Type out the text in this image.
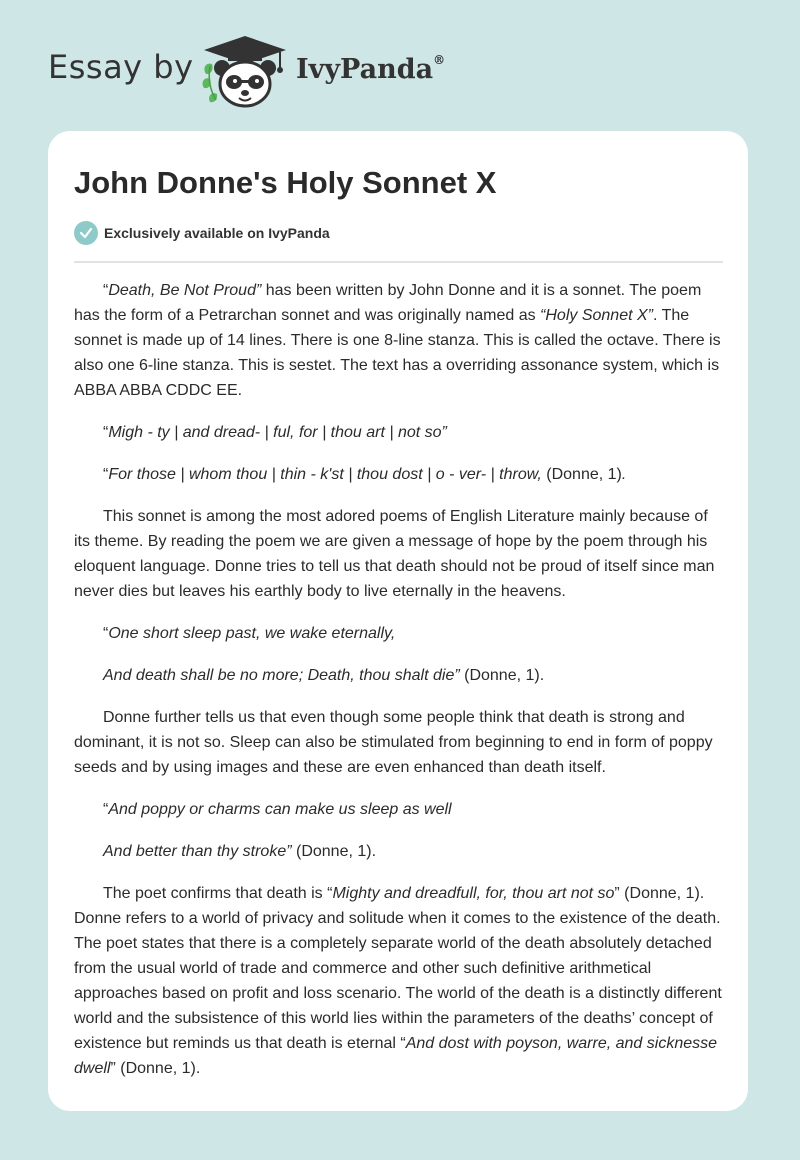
Essay by	IvyPanda®
John Donne's Holy Sonnet X
Exclusively available on IvyPanda

“Death, Be Not Proud” has been written by John Donne and it is a sonnet. The poem has the form of a Petrarchan sonnet and was originally named as “Holy Sonnet X”. The sonnet is made up of 14 lines. There is one 8-line stanza. This is called the octave. There is also one 6-line stanza. This is sestet. The text has a overriding assonance system, which is ABBA ABBA CDDC EE.

“Migh - ty | and dread- | ful, for | thou art | not so”

“For those | whom thou | thin - k'st | thou dost | o - ver- | throw, (Donne, 1).

This sonnet is among the most adored poems of English Literature mainly because of its theme. By reading the poem we are given a message of hope by the poem through his eloquent language. Donne tries to tell us that death should not be proud of itself since man never dies but leaves his earthly body to live eternally in the heavens.

“One short sleep past, we wake eternally,

And death shall be no more; Death, thou shalt die” (Donne, 1).

Donne further tells us that even though some people think that death is strong and dominant, it is not so. Sleep can also be stimulated from beginning to end in form of poppy seeds and by using images and these are even enhanced than death itself.

“And poppy or charms can make us sleep as well

And better than thy stroke” (Donne, 1).

The poet confirms that death is “Mighty and dreadfull, for, thou art not so” (Donne, 1). Donne refers to a world of privacy and solitude when it comes to the existence of the death. The poet states that there is a completely separate world of the death absolutely detached from the usual world of trade and commerce and other such definitive arithmetical approaches based on profit and loss scenario. The world of the death is a distinctly different world and the subsistence of this world lies within the parameters of the deaths’ concept of existence but reminds us that death is eternal “And dost with poyson, warre, and sicknesse dwell” (Donne, 1).
